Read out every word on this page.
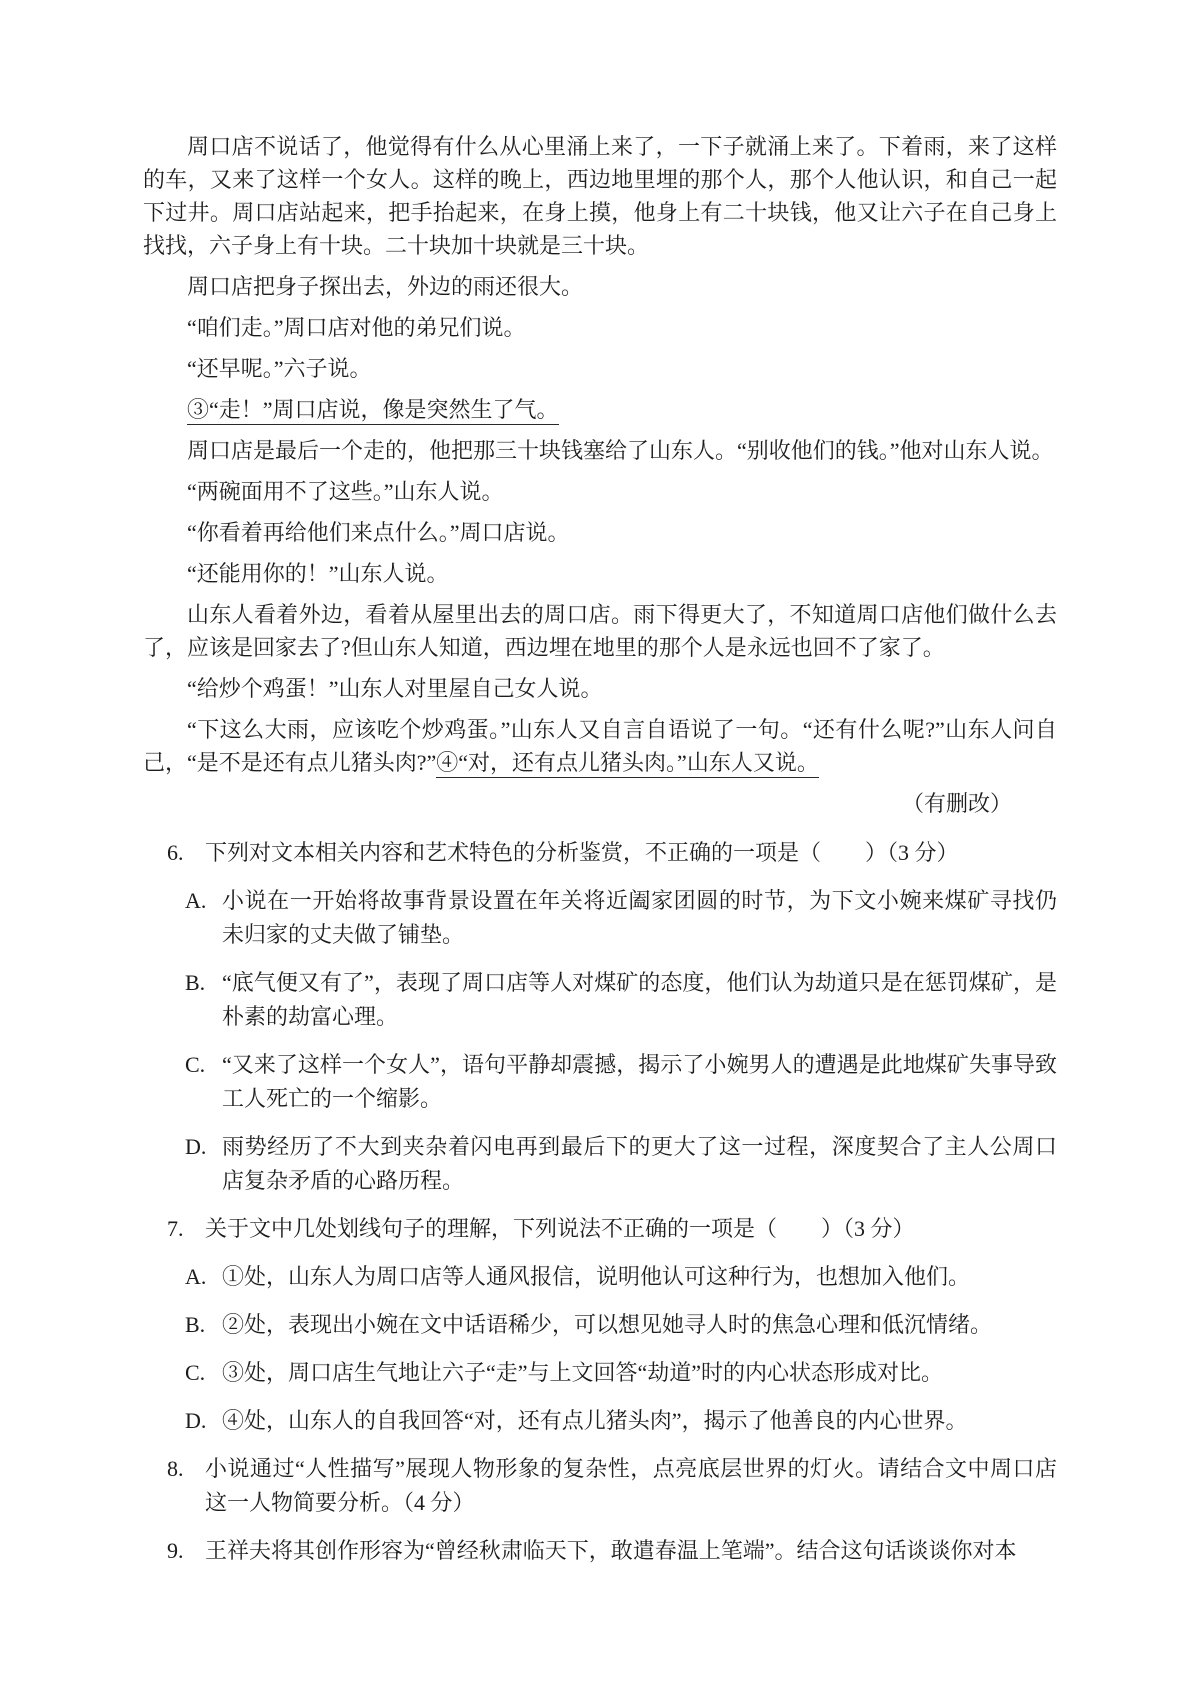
周口店不说话了，他觉得有什么从心里涌上来了，一下子就涌上来了。下着雨，来了这样的车，又来了这样一个女人。这样的晚上，西边地里埋的那个人，那个人他认识，和自己一起下过井。周口店站起来，把手抬起来，在身上摸，他身上有二十块钱，他又让六子在自己身上找找，六子身上有十块。二十块加十块就是三十块。

周口店把身子探出去，外边的雨还很大。

“咱们走。”周口店对他的弟兄们说。

“还早呢。”六子说。

③“走！”周口店说，像是突然生了气。

周口店是最后一个走的，他把那三十块钱塞给了山东人。“别收他们的钱。”他对山东人说。

“两碗面用不了这些。”山东人说。

“你看着再给他们来点什么。”周口店说。

“还能用你的！”山东人说。

山东人看着外边，看着从屋里出去的周口店。雨下得更大了，不知道周口店他们做什么去了，应该是回家去了?但山东人知道，西边埋在地里的那个人是永远也回不了家了。

“给炒个鸡蛋！”山东人对里屋自己女人说。

“下这么大雨，应该吃个炒鸡蛋。”山东人又自言自语说了一句。“还有什么呢?”山东人问自己，“是不是还有点儿猪头肉?”④“对，还有点儿猪头肉。”山东人又说。

（有删改）

6. 下列对文本相关内容和艺术特色的分析鉴赏，不正确的一项是（　　）（3 分）
A. 小说在一开始将故事背景设置在年关将近阖家团圆的时节，为下文小婉来煤矿寻找仍未归家的丈夫做了铺垫。
B. “底气便又有了”，表现了周口店等人对煤矿的态度，他们认为劫道只是在惩罚煤矿，是朴素的劫富心理。
C. “又来了这样一个女人”，语句平静却震撼，揭示了小婉男人的遭遇是此地煤矿失事导致工人死亡的一个缩影。
D. 雨势经历了不大到夹杂着闪电再到最后下的更大了这一过程，深度契合了主人公周口店复杂矛盾的心路历程。
7. 关于文中几处划线句子的理解，下列说法不正确的一项是（　　）（3 分）
A. ①处，山东人为周口店等人通风报信，说明他认可这种行为，也想加入他们。
B. ②处，表现出小婉在文中话语稀少，可以想见她寻人时的焦急心理和低沉情绪。
C. ③处，周口店生气地让六子“走”与上文回答“劫道”时的内心状态形成对比。
D. ④处，山东人的自我回答“对，还有点儿猪头肉”，揭示了他善良的内心世界。
8. 小说通过“人性描写”展现人物形象的复杂性，点亮底层世界的灯火。请结合文中周口店这一人物简要分析。（4 分）
9. 王祥夫将其创作形容为“曾经秋肃临天下，敢遣春温上笔端”。结合这句话谈谈你对本
